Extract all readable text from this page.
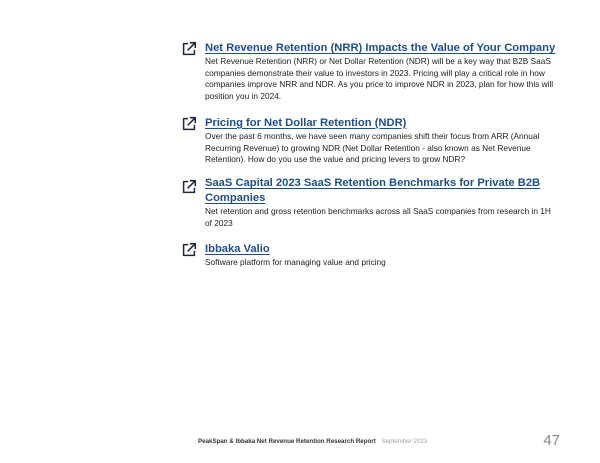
Net Revenue Retention (NRR) Impacts the Value of Your Company
Net Revenue Retention (NRR) or Net Dollar Retention (NDR) will be a key way that B2B SaaS companies demonstrate their value to investors in 2023. Pricing will play a critical role in how companies improve NRR and NDR. As you price to improve NDR in 2023, plan for how this will position you in 2024.
Pricing for Net Dollar Retention (NDR)
Over the past 6 months, we have seen many companies shift their focus from ARR (Annual Recurring Revenue) to growing NDR (Net Dollar Retention - also known as Net Revenue Retention). How do you use the value and pricing levers to grow NDR?
SaaS Capital 2023 SaaS Retention Benchmarks for Private B2B Companies
Net retention and gross retention benchmarks across all SaaS companies from research in 1H of 2023
Ibbaka Valio
Software platform for managing value and pricing
PeakSpan & Ibbaka Net Revenue Retention Research Report September 2023	47
